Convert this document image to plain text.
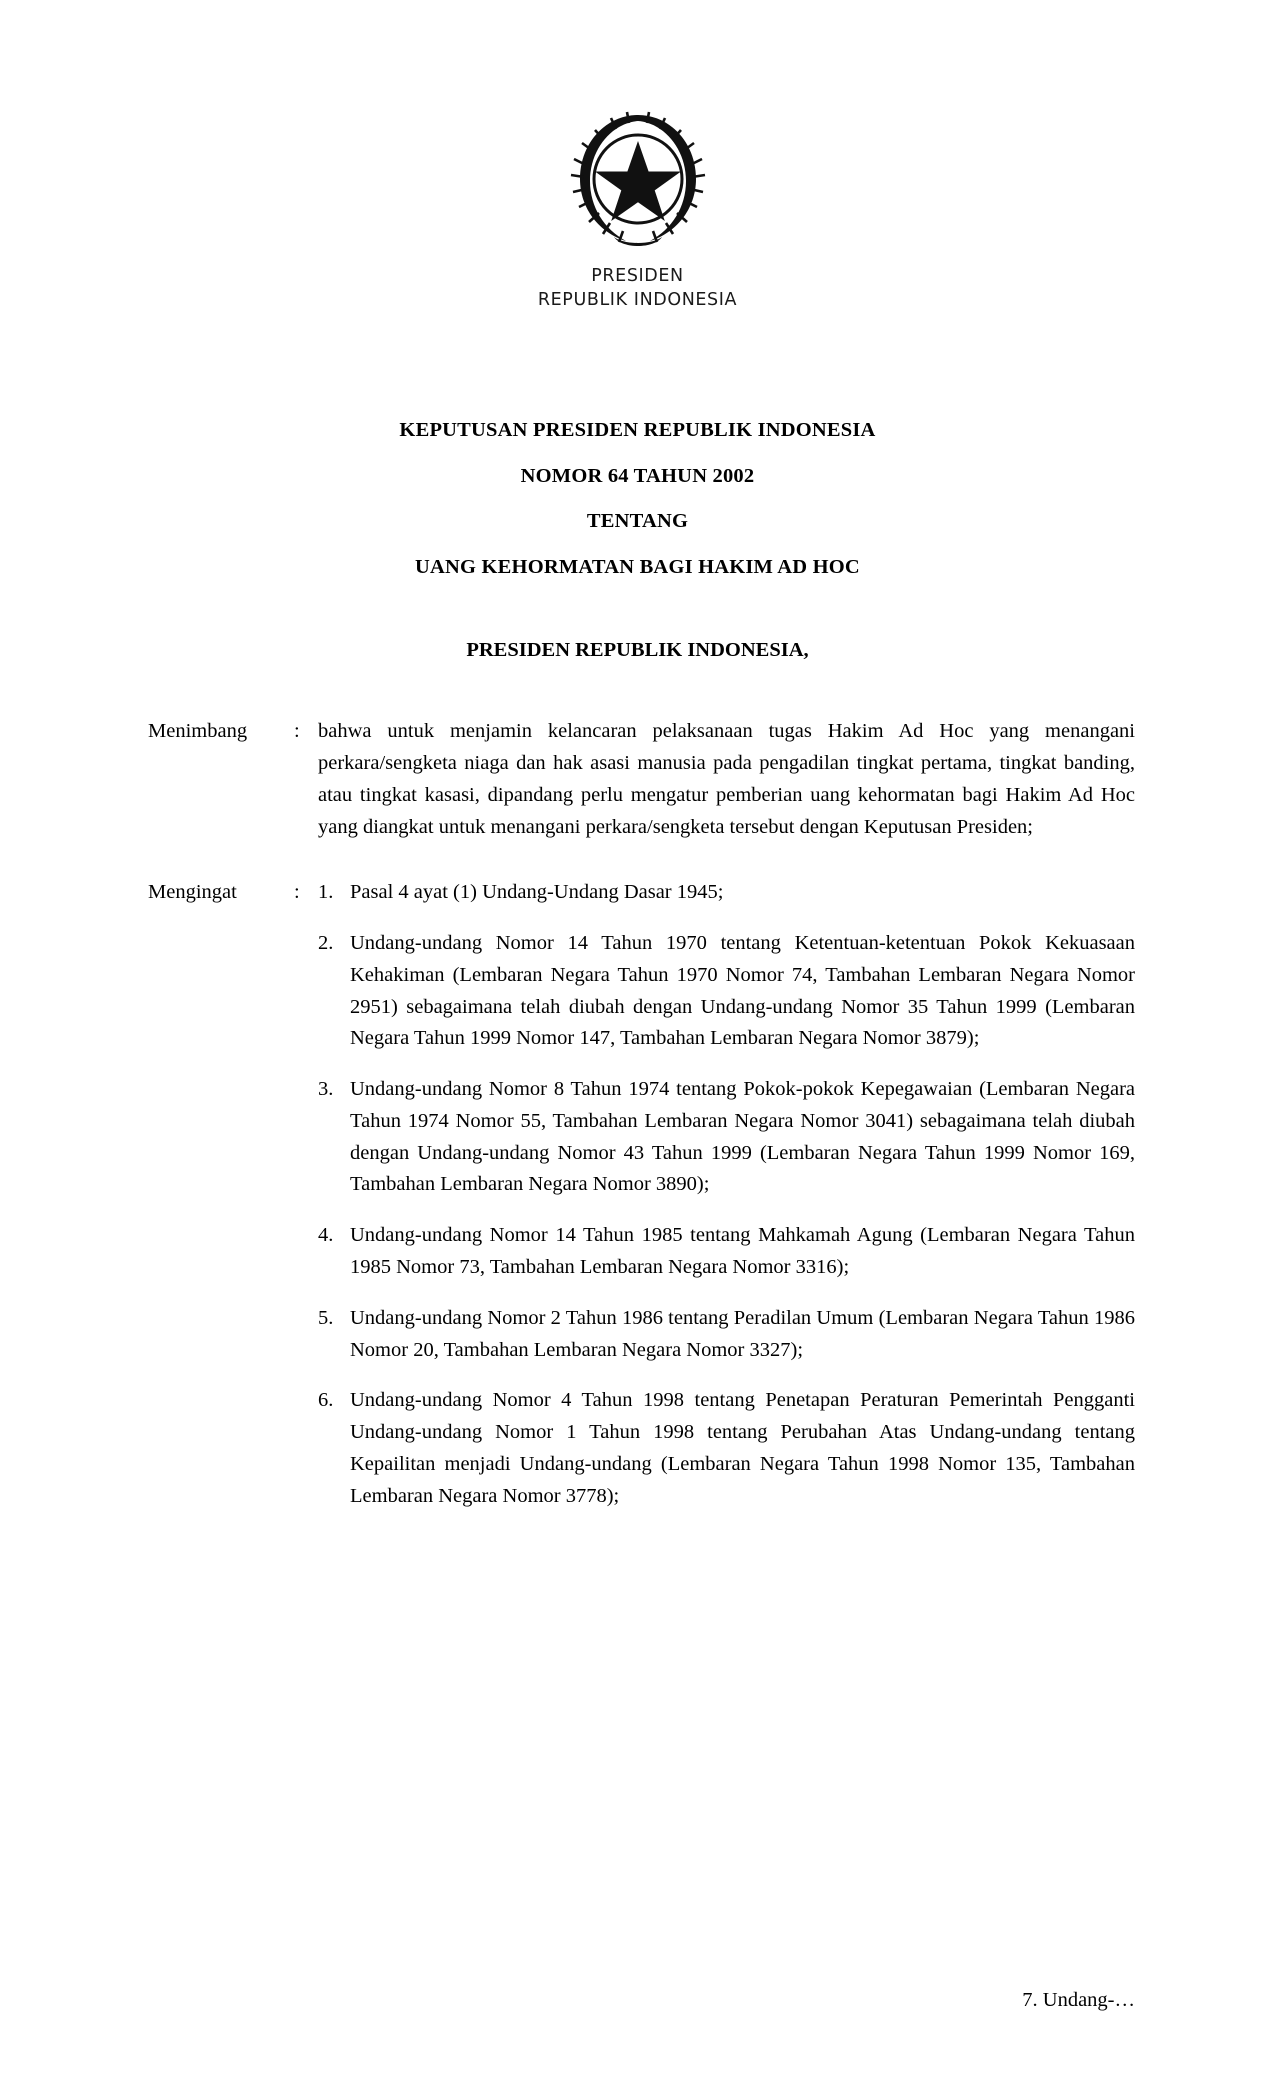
PRESIDEN
REPUBLIK INDONESIA
KEPUTUSAN PRESIDEN REPUBLIK INDONESIA
NOMOR 64 TAHUN 2002
TENTANG
UANG KEHORMATAN BAGI HAKIM AD HOC
PRESIDEN REPUBLIK INDONESIA,
Menimbang	: bahwa untuk menjamin kelancaran pelaksanaan tugas Hakim Ad Hoc yang menangani perkara/sengketa niaga dan hak asasi manusia pada pengadilan tingkat pertama, tingkat banding, atau tingkat kasasi, dipandang perlu mengatur pemberian uang kehormatan bagi Hakim Ad Hoc yang diangkat untuk menangani perkara/sengketa tersebut dengan Keputusan Presiden;
Mengingat	: 1. Pasal 4 ayat (1) Undang-Undang Dasar 1945;
2. Undang-undang Nomor 14 Tahun 1970 tentang Ketentuan-ketentuan Pokok Kekuasaan Kehakiman (Lembaran Negara Tahun 1970 Nomor 74, Tambahan Lembaran Negara Nomor 2951) sebagaimana telah diubah dengan Undang-undang Nomor 35 Tahun 1999 (Lembaran Negara Tahun 1999 Nomor 147, Tambahan Lembaran Negara Nomor 3879);
3. Undang-undang Nomor 8 Tahun 1974 tentang Pokok-pokok Kepegawaian (Lembaran Negara Tahun 1974 Nomor 55, Tambahan Lembaran Negara Nomor 3041) sebagaimana telah diubah dengan Undang-undang Nomor 43 Tahun 1999 (Lembaran Negara Tahun 1999 Nomor 169, Tambahan Lembaran Negara Nomor 3890);
4. Undang-undang Nomor 14 Tahun 1985 tentang Mahkamah Agung (Lembaran Negara Tahun 1985 Nomor 73, Tambahan Lembaran Negara Nomor 3316);
5. Undang-undang Nomor 2 Tahun 1986 tentang Peradilan Umum (Lembaran Negara Tahun 1986 Nomor 20, Tambahan Lembaran Negara Nomor 3327);
6. Undang-undang Nomor 4 Tahun 1998 tentang Penetapan Peraturan Pemerintah Pengganti Undang-undang Nomor 1 Tahun 1998 tentang Perubahan Atas Undang-undang tentang Kepailitan menjadi Undang-undang (Lembaran Negara Tahun 1998 Nomor 135, Tambahan Lembaran Negara Nomor 3778);
7. Undang-…
